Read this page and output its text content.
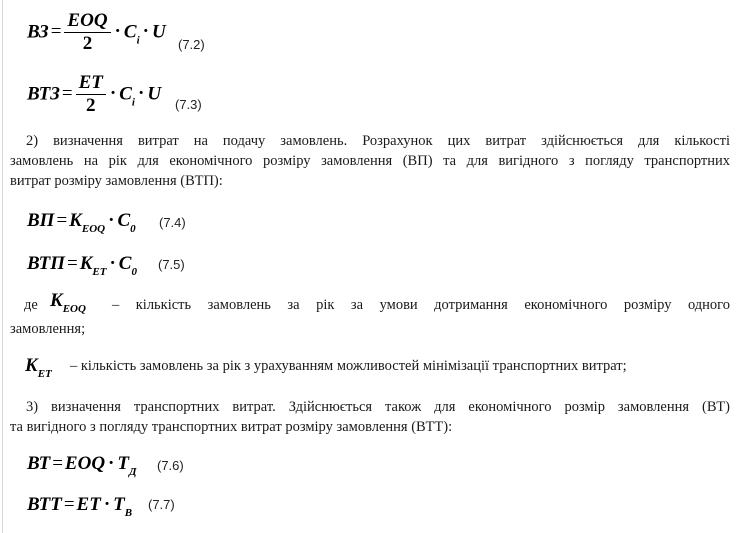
ВЗ = $\frac{\text{EOQ}}{2} \cdot C_i \cdot U$
(7.2)
ВТЗ = $\frac{ET}{2} \cdot C_i \cdot U$
(7.3)
2) визначення витрат на подачу замовлень. Розрахунок цих витрат здійснюється для кількості
замовлень на рік для економічного розміру замовлення (ВП) та для вигідного з погляду транспортних
витрат розміру замовлення (ВТП):
ВП = $K_{EOQ} \cdot C_0$ (7.4)
ВТП = $K_{ET} \cdot C_0$ (7.5)
де $K_{EOQ}$ – кількість замовлень за рік за умови дотримання економічного розміру одного
замовлення;
$K_{ET}$ – кількість замовлень за рік з урахуванням можливостей мінімізації транспортних витрат;
3) визначення транспортних витрат. Здійснюється також для економічного розмір замовлення (ВТ)
та вигідного з погляду транспортних витрат розміру замовлення (ВТТ):
ВТ = EOQ · $T_Д$ (7.6)
ВТТ = ET · $T_В$
(7.7)
